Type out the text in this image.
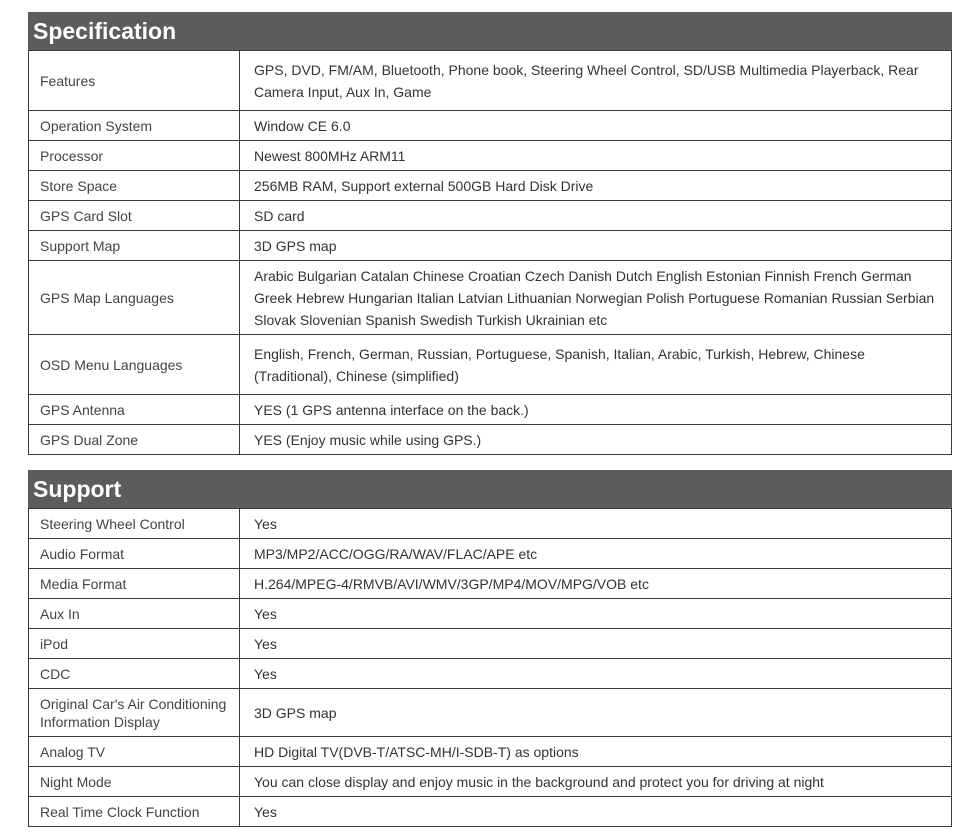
Specification
Features	GPS, DVD, FM/AM, Bluetooth, Phone book, Steering Wheel Control, SD/USB Multimedia Playerback, Rear Camera Input, Aux In, Game
Operation System	Window CE 6.0
Processor	Newest 800MHz ARM11
Store Space	256MB RAM, Support external 500GB Hard Disk Drive
GPS Card Slot	SD card
Support Map	3D GPS map
GPS Map Languages	Arabic Bulgarian Catalan Chinese Croatian Czech Danish Dutch English Estonian Finnish French German Greek Hebrew Hungarian Italian Latvian Lithuanian Norwegian Polish Portuguese Romanian Russian Serbian Slovak Slovenian Spanish Swedish Turkish Ukrainian etc
OSD Menu Languages	English, French, German, Russian, Portuguese, Spanish, Italian, Arabic, Turkish, Hebrew, Chinese (Traditional), Chinese (simplified)
GPS Antenna	YES (1 GPS antenna interface on the back.)
GPS Dual Zone	YES (Enjoy music while using GPS.)
Support
Steering Wheel Control	Yes
Audio Format	MP3/MP2/ACC/OGG/RA/WAV/FLAC/APE etc
Media Format	H.264/MPEG-4/RMVB/AVI/WMV/3GP/MP4/MOV/MPG/VOB etc
Aux In	Yes
iPod	Yes
CDC	Yes
Original Car's Air Conditioning Information Display	3D GPS map
Analog TV	HD Digital TV(DVB-T/ATSC-MH/I-SDB-T) as options
Night Mode	You can close display and enjoy music in the background and protect you for driving at night
Real Time Clock Function	Yes
